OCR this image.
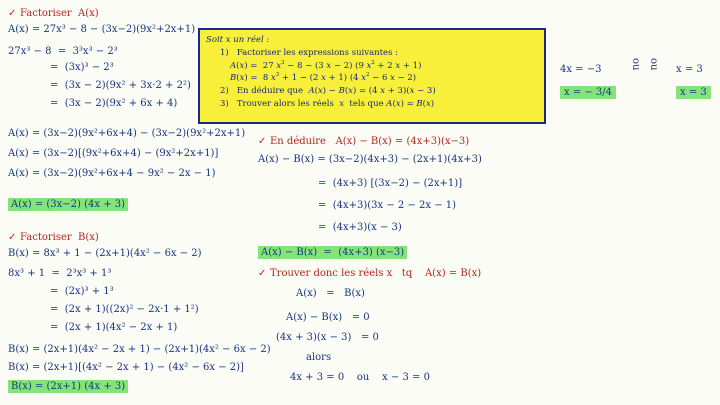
Soit x un réel :
1)   Factoriser les expressions suivantes :
A(x) =  27 $x^3 - 8 - (3$ x − 2) (9 $x^2 + 2$ x + 1)
B(x) =  8 $x^3 + 1 - (2$ x + 1) (4 $x^2 - 6$ x − 2)
2)   En déduire que  A(x) − B(x) = (4 x + 3)(x − 3)
3)   Trouver alors les réels  x  tels que A(x) = B(x)
✓ Factoriser  A(x)
A(x) = 27x³ − 8 − (3x−2)(9x²+2x+1)
27x³ − 8  =  3³x³ − 2³
=  (3x)³ − 2³
=  (3x − 2)(9x² + 3x·2 + 2²)
=  (3x − 2)(9x² + 6x + 4)
A(x) = (3x−2)(9x²+6x+4) − (3x−2)(9x²+2x+1)
A(x) = (3x−2)[(9x²+6x+4) − (9x²+2x+1)]
A(x) = (3x−2)(9x²+6x+4 − 9x² − 2x − 1)
A(x) = (3x−2) (4x + 3)
✓ Factoriser  B(x)
B(x) = 8x³ + 1 − (2x+1)(4x² − 6x − 2)
8x³ + 1  =  2³x³ + 1³
=  (2x)³ + 1³
=  (2x + 1)((2x)² − 2x·1 + 1²)
=  (2x + 1)(4x² − 2x + 1)
B(x) = (2x+1)(4x² − 2x + 1) − (2x+1)(4x² − 6x − 2)
B(x) = (2x+1)[(4x² − 2x + 1) − (4x² − 6x − 2)]
B(x) = (2x+1) (4x + 3)
✓ En déduire   A(x) − B(x) = (4x+3)(x−3)
A(x) − B(x) = (3x−2)(4x+3) − (2x+1)(4x+3)
=  (4x+3) [(3x−2) − (2x+1)]
=  (4x+3)(3x − 2 − 2x − 1)
=  (4x+3)(x − 3)
A(x) − B(x)  =  (4x+3) (x−3)
✓ Trouver donc les réels x   tq    A(x) = B(x)
A(x)   =   B(x)
A(x) − B(x)   = 0
(4x + 3)(x − 3)   = 0
alors
4x + 3 = 0    ou    x − 3 = 0
4x = −3
x = − 3/4
ou ou x = 3
x = 3
